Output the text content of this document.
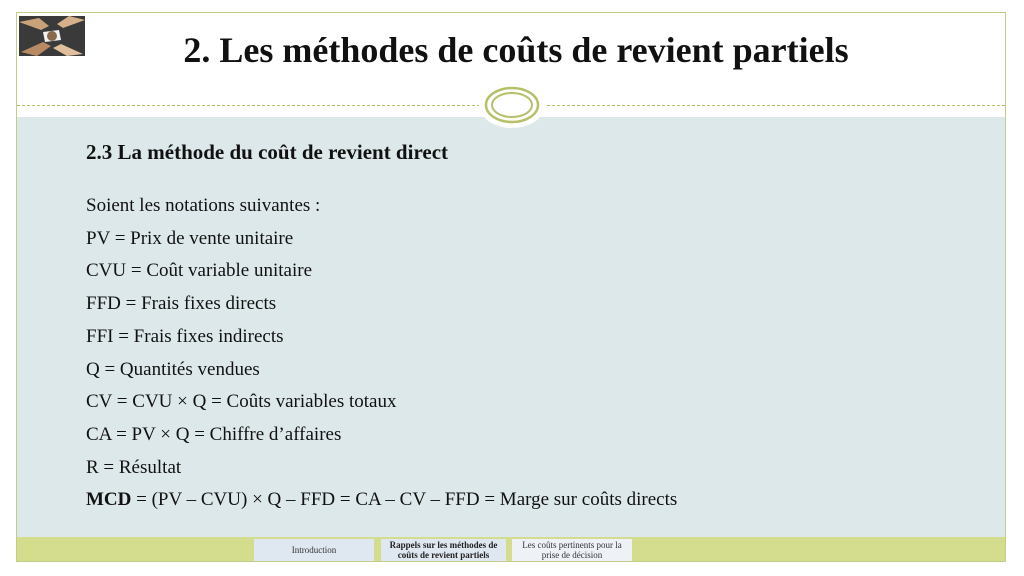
2. Les méthodes de coûts de revient partiels
2.3 La méthode du coût de revient direct
Soient les notations suivantes :
PV = Prix de vente unitaire
CVU = Coût variable unitaire
FFD = Frais fixes directs
FFI = Frais fixes indirects
Q = Quantités vendues
CV = CVU × Q = Coûts variables totaux
CA = PV × Q = Chiffre d’affaires
R = Résultat
MCD = (PV – CVU) × Q – FFD = CA – CV – FFD = Marge sur coûts directs
Introduction	Rappels sur les méthodes de coûts de revient partiels
Les coûts pertinents pour la prise de décision
